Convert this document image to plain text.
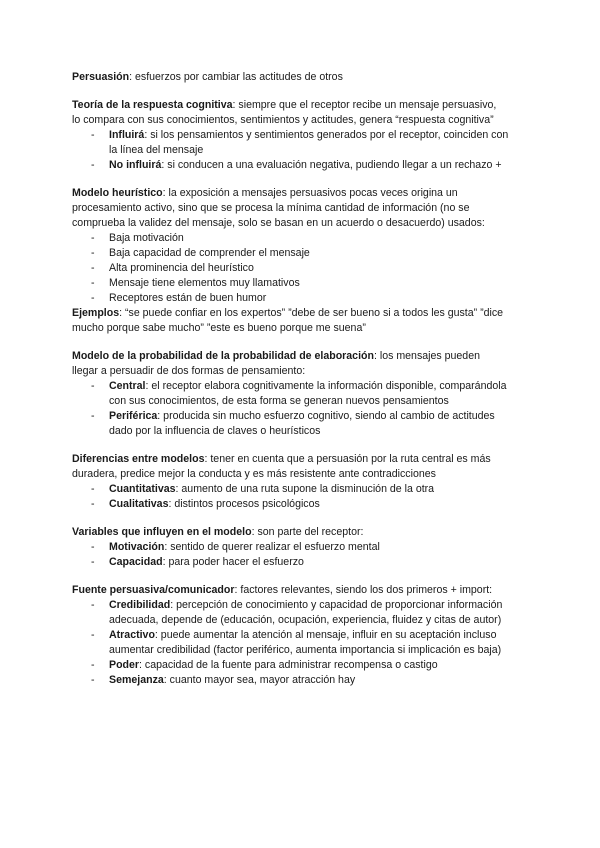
Persuasión: esfuerzos por cambiar las actitudes de otros
Teoría de la respuesta cognitiva: siempre que el receptor recibe un mensaje persuasivo,
lo compara con sus conocimientos, sentimientos y actitudes, genera “respuesta cognitiva”
- Influirá: si los pensamientos y sentimientos generados por el receptor, coinciden con
la línea del mensaje
- No influirá: si conducen a una evaluación negativa, pudiendo llegar a un rechazo +
Modelo heurístico: la exposición a mensajes persuasivos pocas veces origina un
procesamiento activo, sino que se procesa la mínima cantidad de información (no se
comprueba la validez del mensaje, solo se basan en un acuerdo o desacuerdo) usados:
- Baja motivación
- Baja capacidad de comprender el mensaje
- Alta prominencia del heurístico
- Mensaje tiene elementos muy llamativos
- Receptores están de buen humor
Ejemplos: “se puede confiar en los expertos” ”debe de ser bueno si a todos les gusta” ”dice
mucho porque sabe mucho” ”este es bueno porque me suena”
Modelo de la probabilidad de la probabilidad de elaboración: los mensajes pueden
llegar a persuadir de dos formas de pensamiento:
- Central: el receptor elabora cognitivamente la información disponible, comparándola
con sus conocimientos, de esta forma se generan nuevos pensamientos
- Periférica: producida sin mucho esfuerzo cognitivo, siendo al cambio de actitudes
dado por la influencia de claves o heurísticos
Diferencias entre modelos: tener en cuenta que a persuasión por la ruta central es más
duradera, predice mejor la conducta y es más resistente ante contradicciones
- Cuantitativas: aumento de una ruta supone la disminución de la otra
- Cualitativas: distintos procesos psicológicos
Variables que influyen en el modelo: son parte del receptor:
- Motivación: sentido de querer realizar el esfuerzo mental
- Capacidad: para poder hacer el esfuerzo
Fuente persuasiva/comunicador: factores relevantes, siendo los dos primeros + import:
- Credibilidad: percepción de conocimiento y capacidad de proporcionar información
adecuada, depende de (educación, ocupación, experiencia, fluidez y citas de autor)
- Atractivo: puede aumentar la atención al mensaje, influir en su aceptación incluso
aumentar credibilidad (factor periférico, aumenta importancia si implicación es baja)
- Poder: capacidad de la fuente para administrar recompensa o castigo
- Semejanza: cuanto mayor sea, mayor atracción hay
